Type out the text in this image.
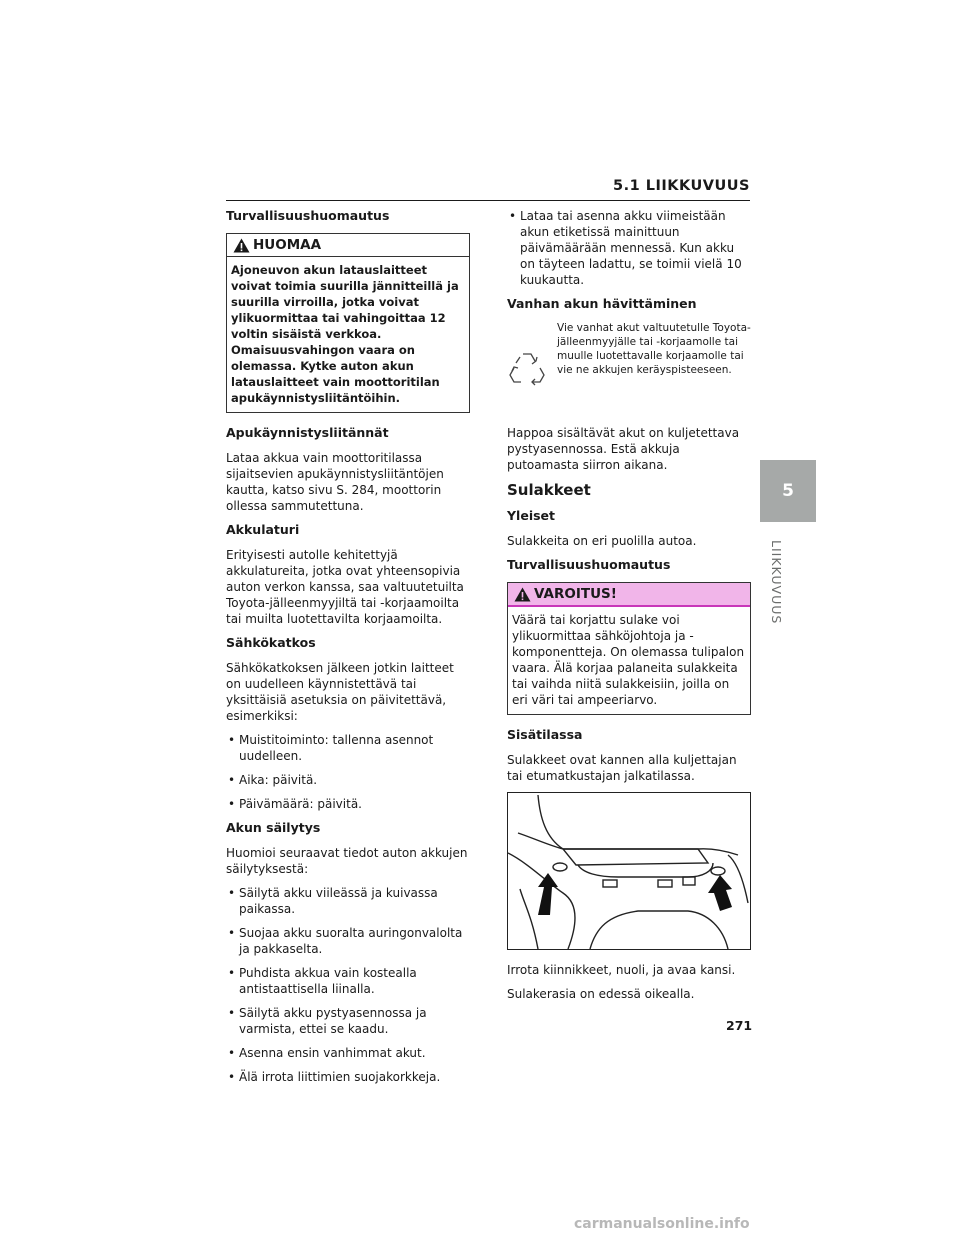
5.1 LIIKKUVUUS
5
LIIKKUVUUS
Turvallisuushuomautus
HUOMAA

Ajoneuvon akun latauslaitteet voivat toimia suurilla jännitteillä ja suurilla virroilla, jotka voivat ylikuormittaa tai vahingoittaa 12 voltin sisäistä verkkoa. Omaisuusvahingon vaara on olemassa. Kytke auton akun latauslaitteet vain moottoritilan apukäynnistysliitäntöihin.

Apukäynnistysliitännät

Lataa akkua vain moottoritilassa sijaitsevien apukäynnistysliitäntöjen kautta, katso sivu S. 284, moottorin ollessa sammutettuna.

Akkulaturi

Erityisesti autolle kehitettyjä akkulatureita, jotka ovat yhteensopivia auton verkon kanssa, saa valtuutetuilta Toyota-jälleenmyyjiltä tai -korjaamoilta tai muilta luotettavilta korjaamoilta.

Sähkökatkos

Sähkökatkoksen jälkeen jotkin laitteet on uudelleen käynnistettävä tai yksittäisiä asetuksia on päivitettävä, esimerkiksi:

• Muistitoiminto: tallenna asennot uudelleen.
• Aika: päivitä.
• Päivämäärä: päivitä.
Akun säilytys

Huomioi seuraavat tiedot auton akkujen säilytyksestä:

• Säilytä akku viileässä ja kuivassa paikassa.
• Suojaa akku suoralta auringonvalolta ja pakkaselta.
• Puhdista akkua vain kostealla antistaattisella liinalla.
• Säilytä akku pystyasennossa ja varmista, ettei se kaadu.
• Asenna ensin vanhimmat akut.
• Älä irrota liittimien suojakorkkeja.
• Lataa tai asenna akku viimeistään akun etiketissä mainittuun päivämäärään mennessä. Kun akku on täyteen ladattu, se toimii vielä 10 kuukautta.
Vanhan akun hävittäminen

Vie vanhat akut valtuutetulle Toyota-jälleenmyyjälle tai -korjaamolle tai muulle luotettavalle korjaamolle tai vie ne akkujen keräyspisteeseen.

Happoa sisältävät akut on kuljetettava pystyasennossa. Estä akkuja putoamasta siirron aikana.

Sulakkeet
Yleiset

Sulakkeita on eri puolilla autoa.

Turvallisuushuomautus
VAROITUS!

Väärä tai korjattu sulake voi ylikuormittaa sähköjohtoja ja -komponentteja. On olemassa tulipalon vaara. Älä korjaa palaneita sulakkeita tai vaihda niitä sulakkeisiin, joilla on eri väri tai ampeeriarvo.

Sisätilassa

Sulakkeet ovat kannen alla kuljettajan tai etumatkustajan jalkatilassa.

Irrota kiinnikkeet, nuoli, ja avaa kansi.

Sulakerasia on edessä oikealla.

271
carmanualsonline.info
